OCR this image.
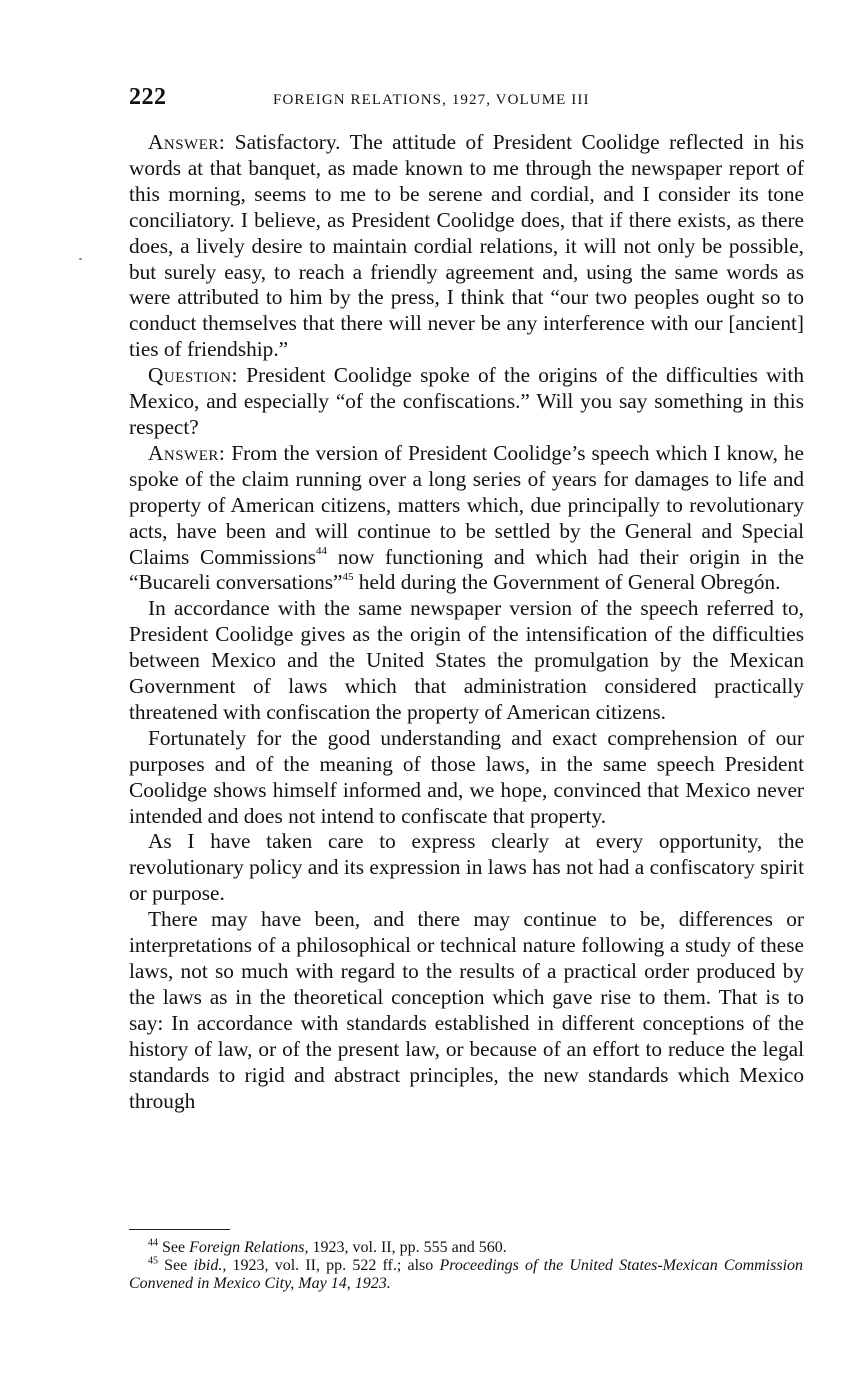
222	FOREIGN RELATIONS, 1927, VOLUME III

Answer: Satisfactory. The attitude of President Coolidge reflected in his words at that banquet, as made known to me through the newspaper report of this morning, seems to me to be serene and cordial, and I consider its tone conciliatory. I believe, as President Coolidge does, that if there exists, as there does, a lively desire to maintain cordial relations, it will not only be possible, but surely easy, to reach a friendly agreement and, using the same words as were attributed to him by the press, I think that “our two peoples ought so to conduct themselves that there will never be any interference with our [ancient] ties of friendship.”

Question: President Coolidge spoke of the origins of the difficulties with Mexico, and especially “of the confiscations.” Will you say something in this respect?

Answer: From the version of President Coolidge’s speech which I know, he spoke of the claim running over a long series of years for damages to life and property of American citizens, matters which, due principally to revolutionary acts, have been and will continue to be settled by the General and Special Claims Commissions$^{44}$ now functioning and which had their origin in the “Bucareli conversations”$^{45}$ held during the Government of General Obregón.

In accordance with the same newspaper version of the speech referred to, President Coolidge gives as the origin of the intensification of the difficulties between Mexico and the United States the promulgation by the Mexican Government of laws which that administration considered practically threatened with confiscation the property of American citizens.

Fortunately for the good understanding and exact comprehension of our purposes and of the meaning of those laws, in the same speech President Coolidge shows himself informed and, we hope, convinced that Mexico never intended and does not intend to confiscate that property.

As I have taken care to express clearly at every opportunity, the revolutionary policy and its expression in laws has not had a confiscatory spirit or purpose.

There may have been, and there may continue to be, differences or interpretations of a philosophical or technical nature following a study of these laws, not so much with regard to the results of a practical order produced by the laws as in the theoretical conception which gave rise to them. That is to say: In accordance with standards established in different conceptions of the history of law, or of the present law, or because of an effort to reduce the legal standards to rigid and abstract principles, the new standards which Mexico through

$^{44}$ See Foreign Relations, 1923, vol. II, pp. 555 and 560.

$^{45}$ See ibid., 1923, vol. II, pp. 522 ff.; also Proceedings of the United States-Mexican Commission Convened in Mexico City, May 14, 1923.
